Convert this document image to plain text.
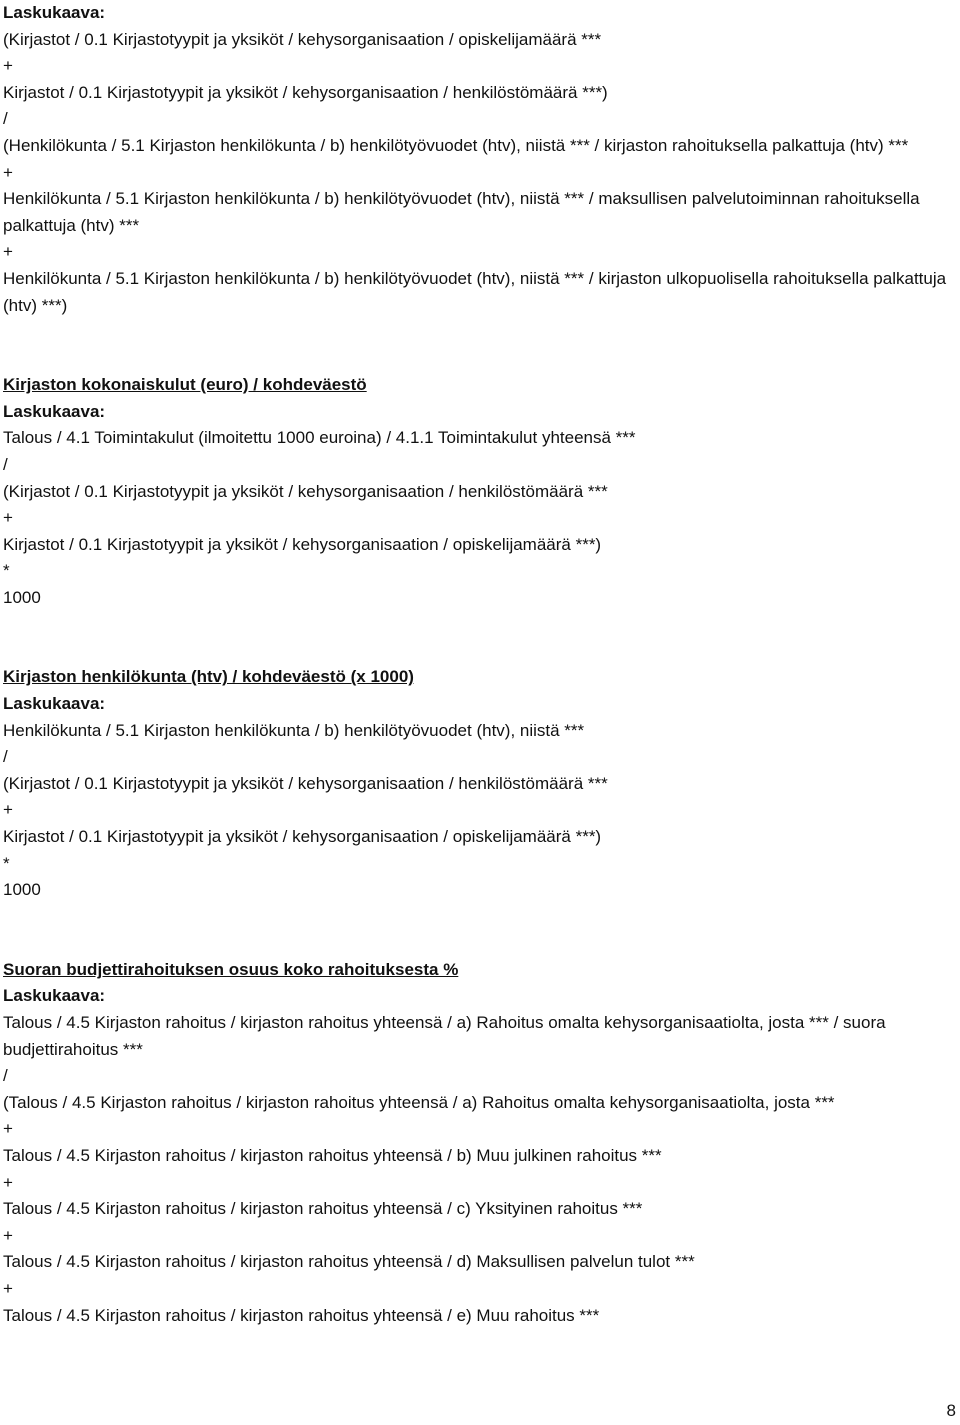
Laskukaava:
(Kirjastot / 0.1 Kirjastotyypit ja yksiköt / kehysorganisaation / opiskelijamäärä ***
+
Kirjastot / 0.1 Kirjastotyypit ja yksiköt / kehysorganisaation / henkilöstömäärä ***)
/
(Henkilökunta / 5.1 Kirjaston henkilökunta / b) henkilötyövuodet (htv), niistä *** / kirjaston rahoituksella palkattuja (htv) ***
+
Henkilökunta / 5.1 Kirjaston henkilökunta / b) henkilötyövuodet (htv), niistä *** / maksullisen palvelutoiminnan rahoituksella palkattuja (htv) ***
+
Henkilökunta / 5.1 Kirjaston henkilökunta / b) henkilötyövuodet (htv), niistä *** / kirjaston ulkopuolisella rahoituksella palkattuja (htv) ***)
Kirjaston kokonaiskulut (euro) / kohdeväestö
Laskukaava:
Talous / 4.1 Toimintakulut (ilmoitettu 1000 euroina) / 4.1.1 Toimintakulut yhteensä ***
/
(Kirjastot / 0.1 Kirjastotyypit ja yksiköt / kehysorganisaation / henkilöstömäärä ***
+
Kirjastot / 0.1 Kirjastotyypit ja yksiköt / kehysorganisaation / opiskelijamäärä ***)
*
1000
Kirjaston henkilökunta (htv) / kohdeväestö (x 1000)
Laskukaava:
Henkilökunta / 5.1 Kirjaston henkilökunta / b) henkilötyövuodet (htv), niistä ***
/
(Kirjastot / 0.1 Kirjastotyypit ja yksiköt / kehysorganisaation / henkilöstömäärä ***
+
Kirjastot / 0.1 Kirjastotyypit ja yksiköt / kehysorganisaation / opiskelijamäärä ***)
*
1000
Suoran budjettirahoituksen osuus koko rahoituksesta %
Laskukaava:
Talous / 4.5 Kirjaston rahoitus / kirjaston rahoitus yhteensä / a) Rahoitus omalta kehysorganisaatiolta, josta *** / suora budjettirahoitus ***
/
(Talous / 4.5 Kirjaston rahoitus / kirjaston rahoitus yhteensä / a) Rahoitus omalta kehysorganisaatiolta, josta ***
+
Talous / 4.5 Kirjaston rahoitus / kirjaston rahoitus yhteensä / b) Muu julkinen rahoitus ***
+
Talous / 4.5 Kirjaston rahoitus / kirjaston rahoitus yhteensä / c) Yksityinen rahoitus ***
+
Talous / 4.5 Kirjaston rahoitus / kirjaston rahoitus yhteensä / d) Maksullisen palvelun tulot ***
+
Talous / 4.5 Kirjaston rahoitus / kirjaston rahoitus yhteensä / e) Muu rahoitus ***
8
